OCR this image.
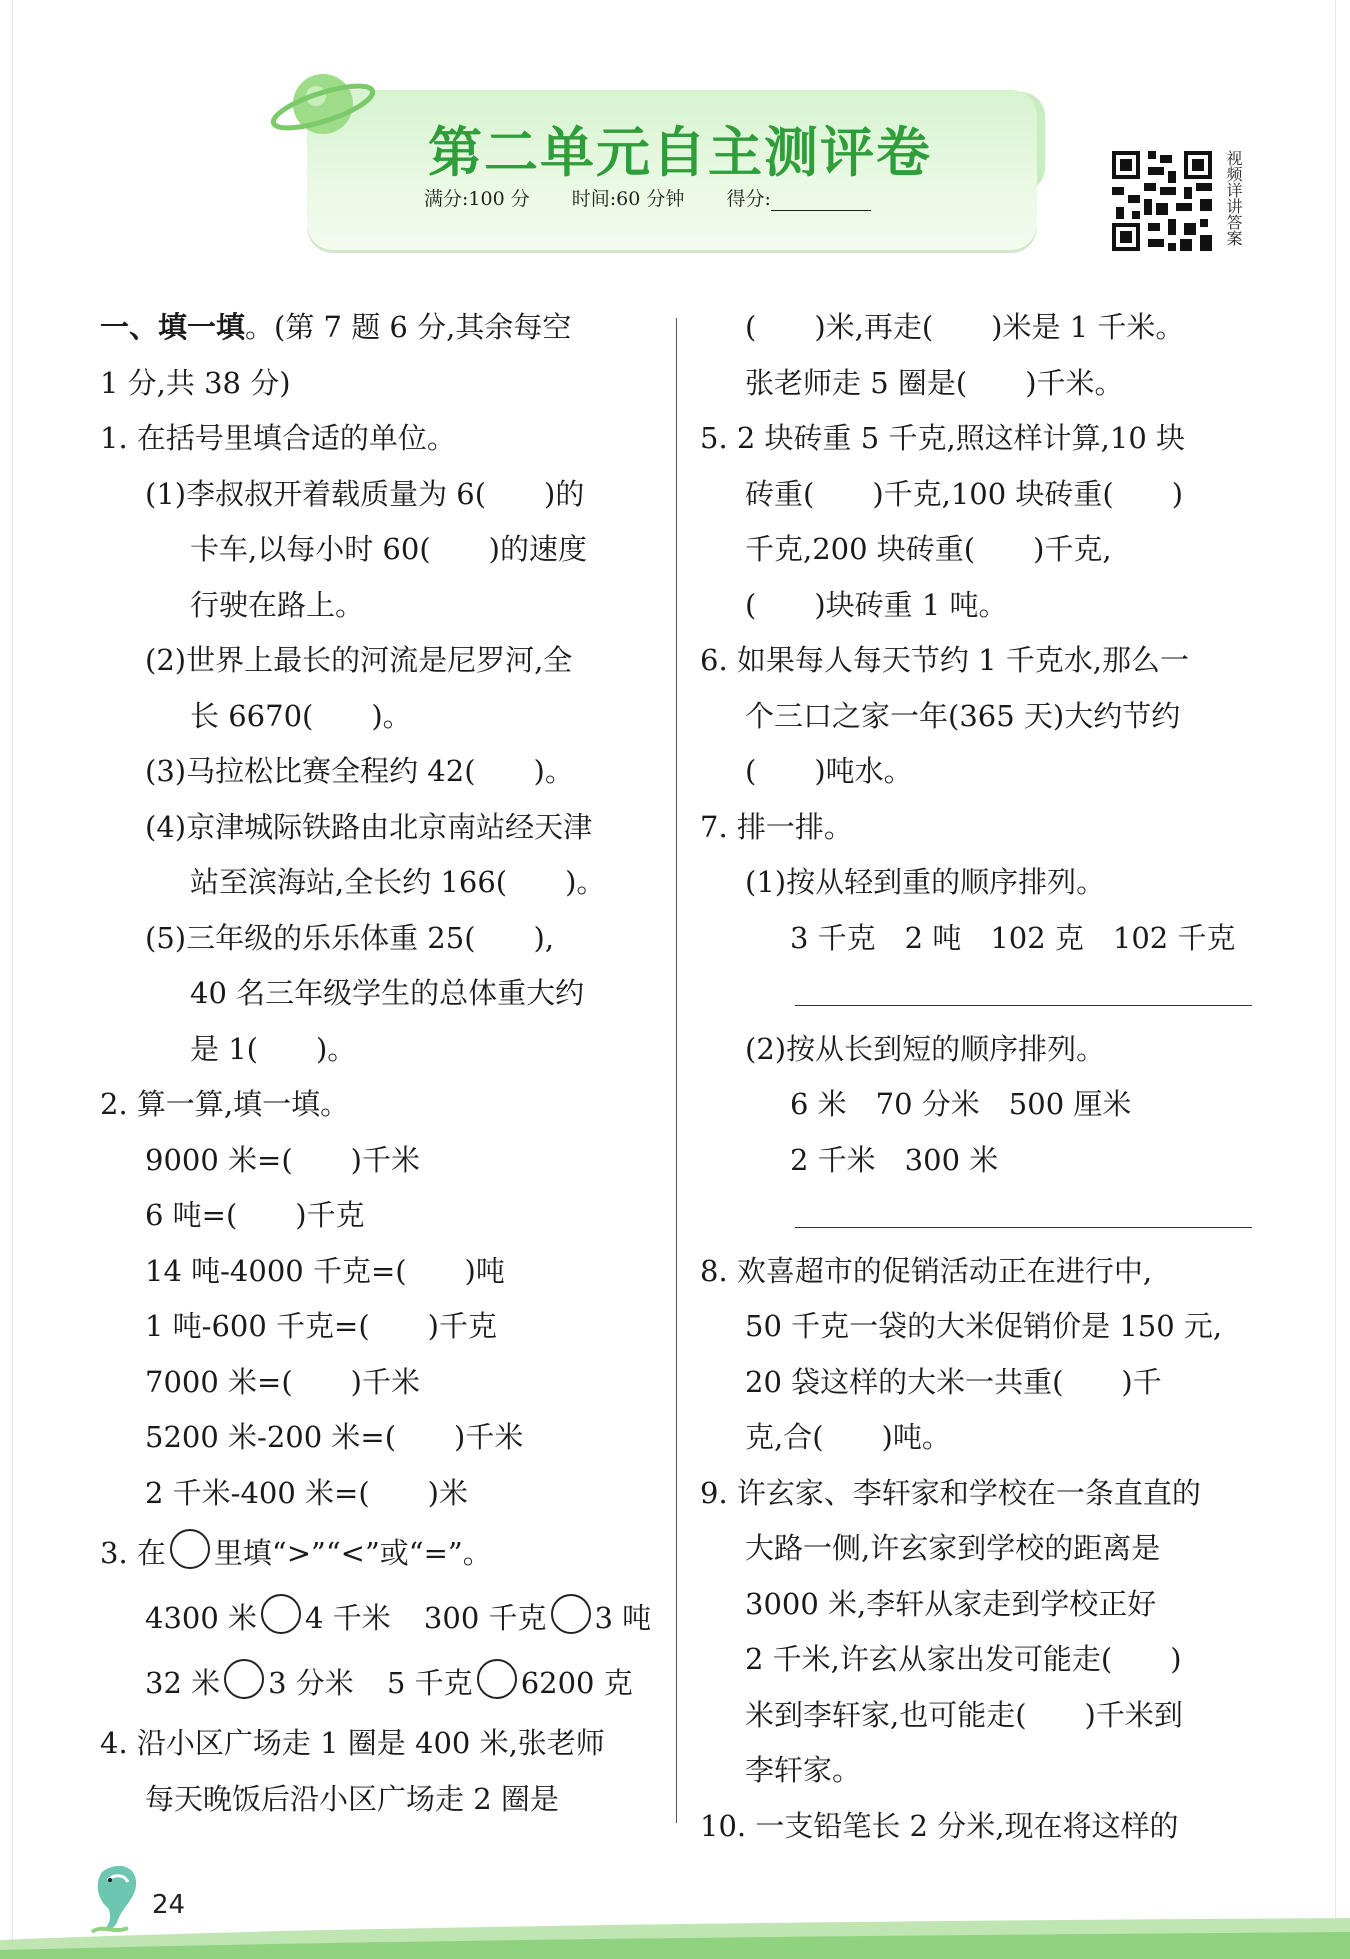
第二单元自主测评卷
满分:100 分 时间:60 分钟 得分:	视频详讲答案
一、填一填。(第 7 题 6 分,其余每空
1 分,共 38 分)
1. 在括号里填合适的单位。
(1)李叔叔开着载质量为 6(　　)的
卡车,以每小时 60(　　)的速度
行驶在路上。
(2)世界上最长的河流是尼罗河,全
长 6670(　　)。
(3)马拉松比赛全程约 42(　　)。
(4)京津城际铁路由北京南站经天津
站至滨海站,全长约 166(　　)。
(5)三年级的乐乐体重 25(　　),
40 名三年级学生的总体重大约
是 1(　　)。
2. 算一算,填一填。
9000 米=(　　)千米
6 吨=(　　)千克
14 吨-4000 千克=(　　)吨
1 吨-600 千克=(　　)千克
7000 米=(　　)千米
5200 米-200 米=(　　)千米
2 千米-400 米=(　　)米
3. 在 里填“>”“<”或“=”。
4300 米 4 千米 300 千克 3 吨
32 米 3 分米 5 千克 6200 克
4. 沿小区广场走 1 圈是 400 米,张老师
每天晚饭后沿小区广场走 2 圈是
(　　)米,再走(　　)米是 1 千米。
张老师走 5 圈是(　　)千米。
5. 2 块砖重 5 千克,照这样计算,10 块
砖重(　　)千克,100 块砖重(　　)
千克,200 块砖重(　　)千克,
(　　)块砖重 1 吨。
6. 如果每人每天节约 1 千克水,那么一
个三口之家一年(365 天)大约节约
(　　)吨水。
7. 排一排。
(1)按从轻到重的顺序排列。
3 千克　2 吨　102 克　102 千克
(2)按从长到短的顺序排列。
6 米　70 分米　500 厘米
2 千米　300 米
8. 欢喜超市的促销活动正在进行中,
50 千克一袋的大米促销价是 150 元,
20 袋这样的大米一共重(　　)千
克,合(　　)吨。
9. 许玄家、李轩家和学校在一条直直的
大路一侧,许玄家到学校的距离是
3000 米,李轩从家走到学校正好
2 千米,许玄从家出发可能走(　　)
米到李轩家,也可能走(　　)千米到
李轩家。
10. 一支铅笔长 2 分米,现在将这样的
24
